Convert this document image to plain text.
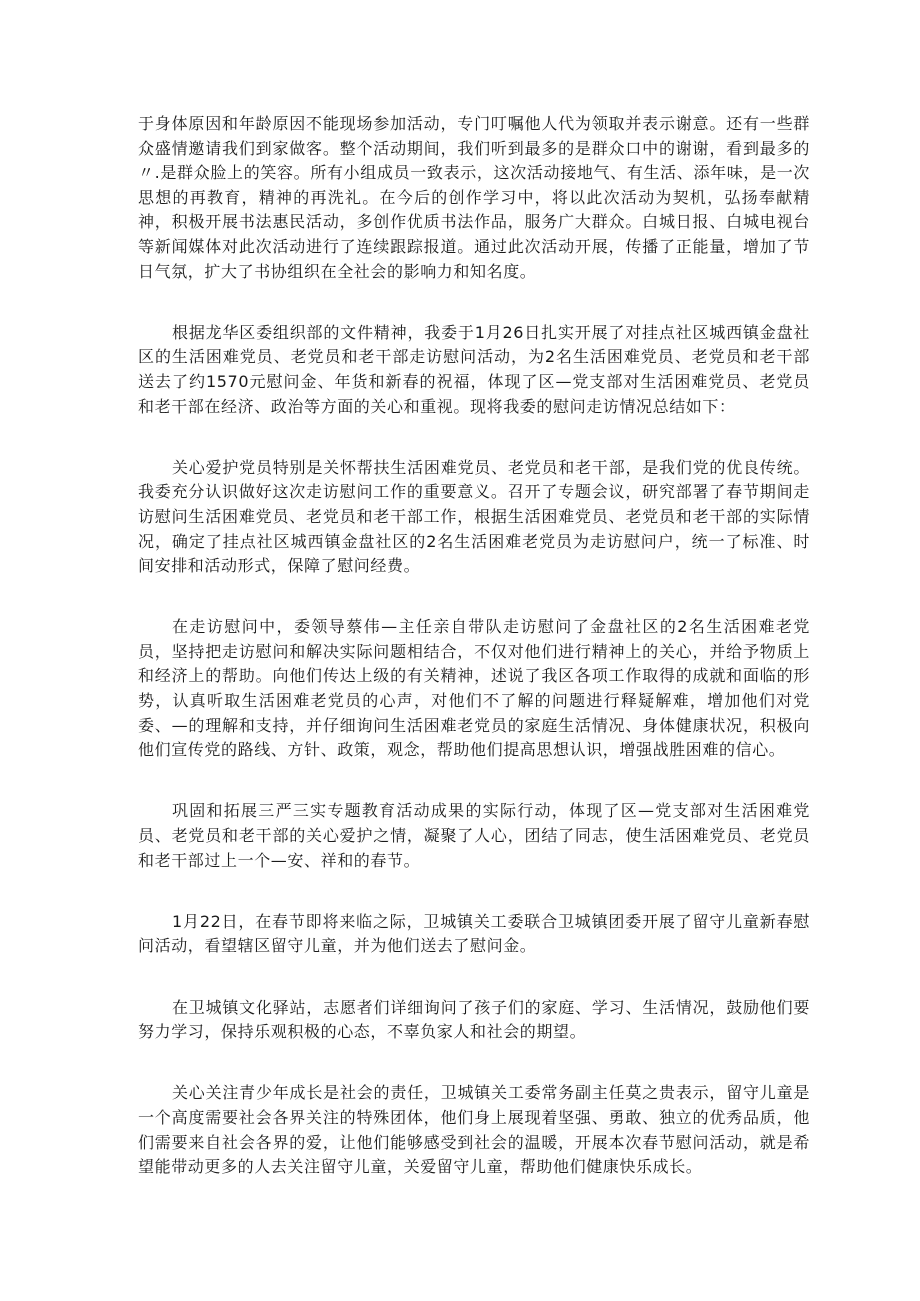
于身体原因和年龄原因不能现场参加活动，专门叮嘱他人代为领取并表示谢意。还有一些群众盛情邀请我们到家做客。整个活动期间，我们听到最多的是群众口中的谢谢，看到最多的〃.是群众脸上的笑容。所有小组成员一致表示，这次活动接地气、有生活、添年味，是一次思想的再教育，精神的再洗礼。在今后的创作学习中，将以此次活动为契机，弘扬奉献精神，积极开展书法惠民活动，多创作优质书法作品，服务广大群众。白城日报、白城电视台等新闻媒体对此次活动进行了连续跟踪报道。通过此次活动开展，传播了正能量，增加了节日气氛，扩大了书协组织在全社会的影响力和知名度。

根据龙华区委组织部的文件精神，我委于1月26日扎实开展了对挂点社区城西镇金盘社区的生活困难党员、老党员和老干部走访慰问活动，为2名生活困难党员、老党员和老干部送去了约1570元慰问金、年货和新春的祝福，体现了区—党支部对生活困难党员、老党员和老干部在经济、政治等方面的关心和重视。现将我委的慰问走访情况总结如下：

关心爱护党员特别是关怀帮扶生活困难党员、老党员和老干部，是我们党的优良传统。我委充分认识做好这次走访慰问工作的重要意义。召开了专题会议，研究部署了春节期间走访慰问生活困难党员、老党员和老干部工作，根据生活困难党员、老党员和老干部的实际情况，确定了挂点社区城西镇金盘社区的2名生活困难老党员为走访慰问户，统一了标准、时间安排和活动形式，保障了慰问经费。

在走访慰问中，委领导蔡伟—主任亲自带队走访慰问了金盘社区的2名生活困难老党员，坚持把走访慰问和解决实际问题相结合，不仅对他们进行精神上的关心，并给予物质上和经济上的帮助。向他们传达上级的有关精神，述说了我区各项工作取得的成就和面临的形势，认真听取生活困难老党员的心声，对他们不了解的问题进行释疑解难，增加他们对党委、—的理解和支持，并仔细询问生活困难老党员的家庭生活情况、身体健康状况，积极向他们宣传党的路线、方针、政策，观念，帮助他们提高思想认识，增强战胜困难的信心。

巩固和拓展三严三实专题教育活动成果的实际行动，体现了区—党支部对生活困难党员、老党员和老干部的关心爱护之情，凝聚了人心，团结了同志，使生活困难党员、老党员和老干部过上一个—安、祥和的春节。

1月22日，在春节即将来临之际，卫城镇关工委联合卫城镇团委开展了留守儿童新春慰问活动，看望辖区留守儿童，并为他们送去了慰问金。

在卫城镇文化驿站，志愿者们详细询问了孩子们的家庭、学习、生活情况，鼓励他们要努力学习，保持乐观积极的心态，不辜负家人和社会的期望。

关心关注青少年成长是社会的责任，卫城镇关工委常务副主任莫之贵表示，留守儿童是一个高度需要社会各界关注的特殊团体，他们身上展现着坚强、勇敢、独立的优秀品质，他们需要来自社会各界的爱，让他们能够感受到社会的温暖，开展本次春节慰问活动，就是希望能带动更多的人去关注留守儿童，关爱留守儿童，帮助他们健康快乐成长。
